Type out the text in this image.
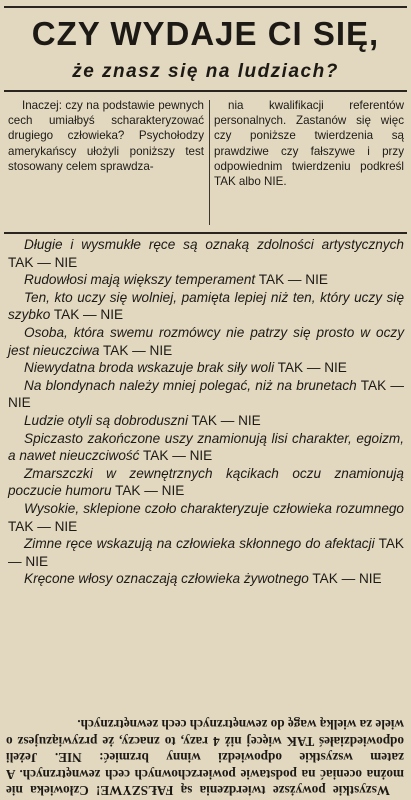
CZY WYDAJE CI SIĘ,
że znasz się na ludziach?

Inaczej: czy na podstawie pewnych cech umiałbyś scharakteryzować drugiego człowieka? Psychołodzy amerykańscy ułożyli poniższy test stosowany celem sprawdza-

nia kwalifikacji referentów personalnych. Zastanów się więc czy poniższe twierdzenia są prawdziwe czy fałszywe i przy odpowiednim twierdzeniu podkreśl TAK albo NIE.

Długie i wysmukłe ręce są oznaką zdolności artystycznych TAK — NIE

Rudowłosi mają większy temperament TAK — NIE

Ten, kto uczy się wolniej, pamięta lepiej niż ten, który uczy się szybko TAK — NIE

Osoba, która swemu rozmówcy nie patrzy się prosto w oczy jest nieuczciwa TAK — NIE

Niewydatna broda wskazuje brak siły woli TAK — NIE

Na blondynach należy mniej polegać, niż na brunetach TAK — NIE

Ludzie otyli są dobroduszni TAK — NIE

Spiczasto zakończone uszy znamionują lisi charakter, egoizm, a nawet nieuczciwość TAK — NIE

Zmarszczki w zewnętrznych kącikach oczu znamionują poczucie humoru TAK — NIE

Wysokie, sklepione czoło charakteryzuje człowieka rozumnego TAK — NIE

Zimne ręce wskazują na człowieka skłonnego do afektacji TAK — NIE

Kręcone włosy oznaczają człowieka żywotnego TAK — NIE

Wszystkie powyższe twierdzenia są FAŁSZYWE! Człowieka nie można oceniać na podstawie powierzchownych cech zewnętrznych. A zatem wszystkie odpowiedzi winny brzmieć: NIE. Jeżeli odpowiedziałeś TAK więcej niż 4 razy, to znaczy, że przywiązujesz o wiele za wielką wagę do zewnętrznych cech zewnętrznych.
